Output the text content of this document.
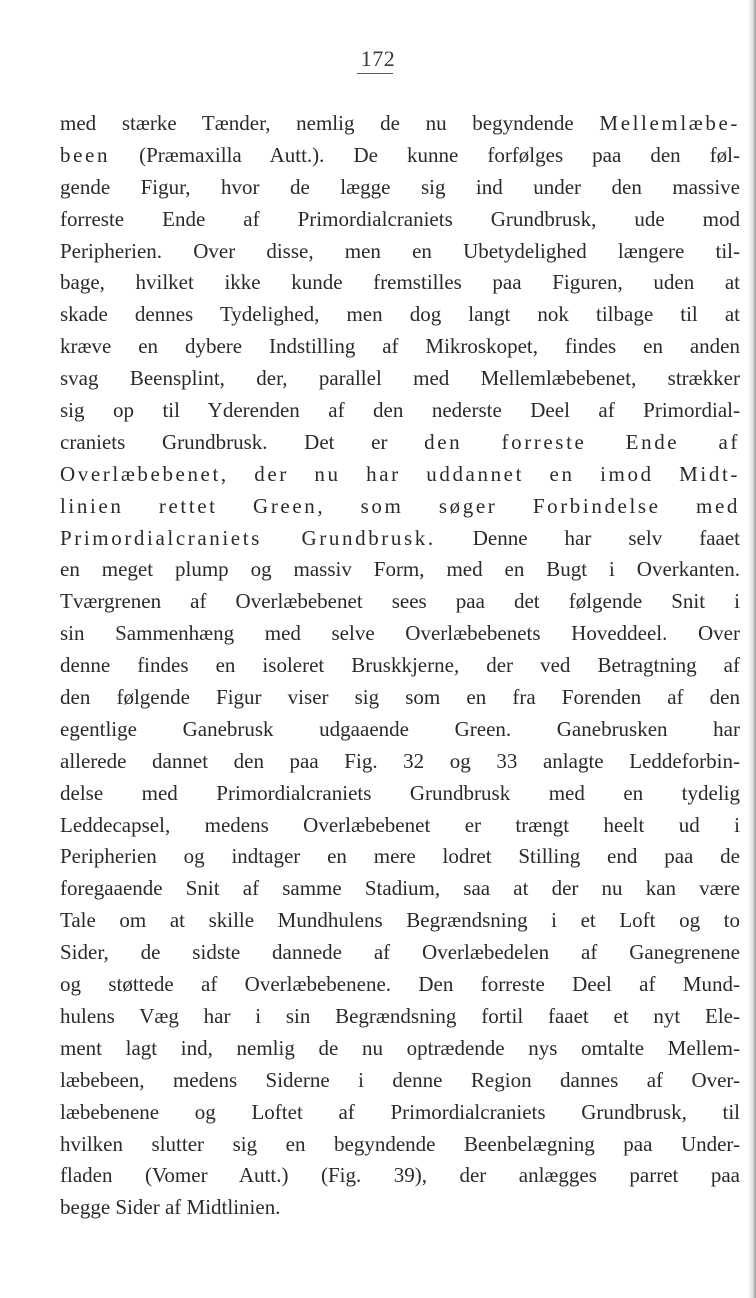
172
med stærke Tænder, nemlig de nu begyndende Mellemlæbe-
been (Præmaxilla Autt.). De kunne forfølges paa den føl-
gende Figur, hvor de lægge sig ind under den massive
forreste Ende af Primordialcraniets Grundbrusk, ude mod
Peripherien. Over disse, men en Ubetydelighed længere til-
bage, hvilket ikke kunde fremstilles paa Figuren, uden at
skade dennes Tydelighed, men dog langt nok tilbage til at
kræve en dybere Indstilling af Mikroskopet, findes en anden
svag Beensplint, der, parallel med Mellemlæbebenet, strækker
sig op til Yderenden af den nederste Deel af Primordial-
craniets Grundbrusk. Det er den forreste Ende af
Overlæbebenet, der nu har uddannet en imod Midt-
linien rettet Green, som søger Forbindelse med
Primordialcraniets Grundbrusk. Denne har selv faaet
en meget plump og massiv Form, med en Bugt i Overkanten.
Tværgrenen af Overlæbebenet sees paa det følgende Snit i
sin Sammenhæng med selve Overlæbebenets Hoveddeel. Over
denne findes en isoleret Bruskkjerne, der ved Betragtning af
den følgende Figur viser sig som en fra Forenden af den
egentlige Ganebrusk udgaaende Green. Ganebrusken har
allerede dannet den paa Fig. 32 og 33 anlagte Leddeforbin-
delse med Primordialcraniets Grundbrusk med en tydelig
Leddecapsel, medens Overlæbebenet er trængt heelt ud i
Peripherien og indtager en mere lodret Stilling end paa de
foregaaende Snit af samme Stadium, saa at der nu kan være
Tale om at skille Mundhulens Begrændsning i et Loft og to
Sider, de sidste dannede af Overlæbedelen af Ganegrenene
og støttede af Overlæbebenene. Den forreste Deel af Mund-
hulens Væg har i sin Begrændsning fortil faaet et nyt Ele-
ment lagt ind, nemlig de nu optrædende nys omtalte Mellem-
læbebeen, medens Siderne i denne Region dannes af Over-
læbebenene og Loftet af Primordialcraniets Grundbrusk, til
hvilken slutter sig en begyndende Beenbelægning paa Under-
fladen (Vomer Autt.) (Fig. 39), der anlægges parret paa
begge Sider af Midtlinien.
